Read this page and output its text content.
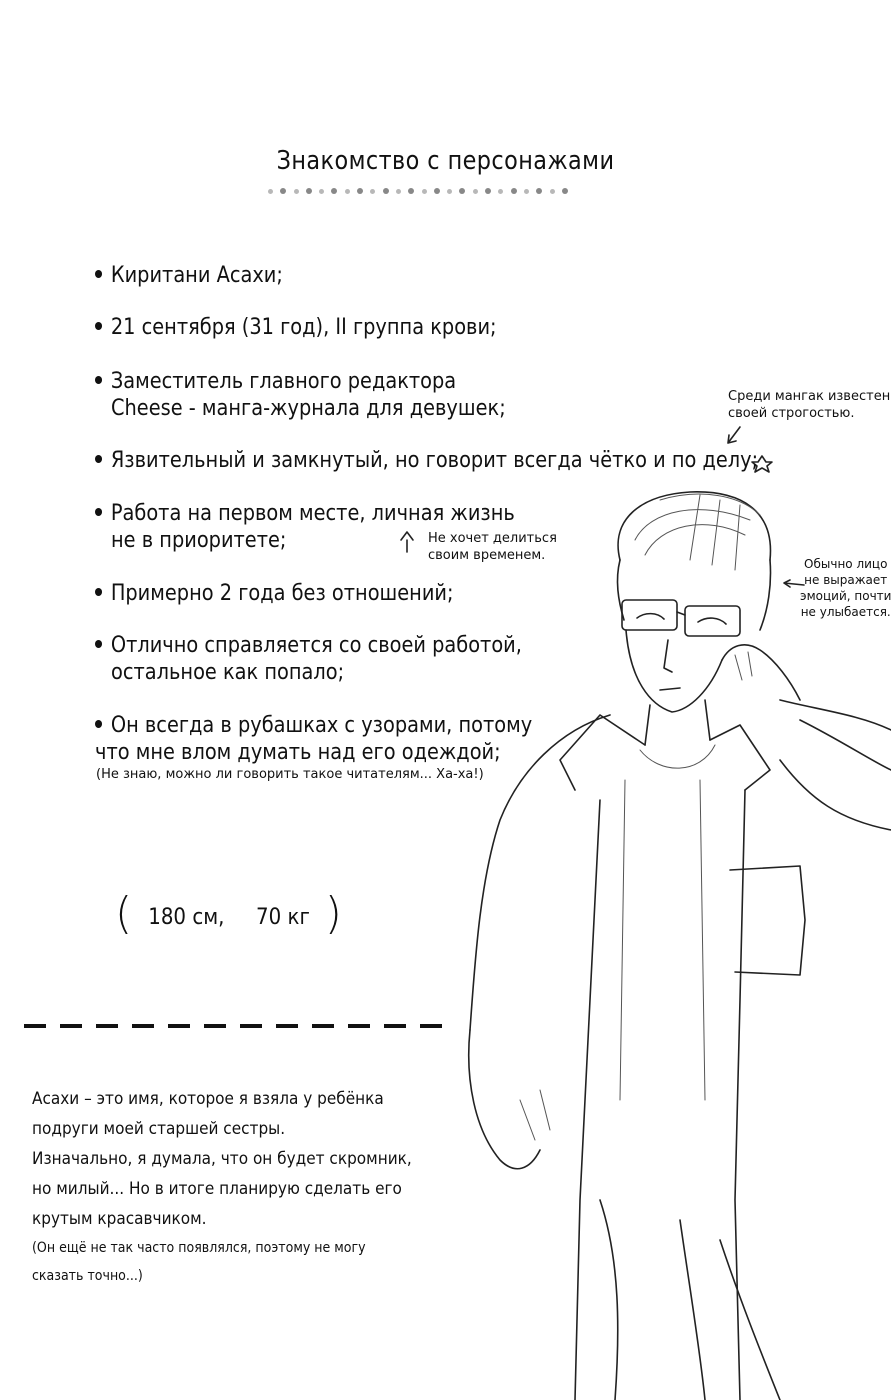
Знакомство с персонажами
Киритани Асахи;
21 сентября (31 год), II группа крови;
Заместитель главного редактора
Cheese - манга-журнала для девушек;
Язвительный и замкнутый, но говорит всегда чётко и по делу;
Работа на первом месте, личная жизнь
не в приоритете;
Примерно 2 года без отношений;
Отлично справляется со своей работой,
остальное как попало;
Он всегда в рубашках с узорами, потому
что мне влом думать над его одеждой;
(Не знаю, можно ли говорить такое читателям... Ха-ха!)
Среди мангак известен
своей строгостью.
Не хочет делиться
своим временем.
Обычно лицо
не выражает
эмоций, почти
не улыбается.
( 180 см, 70 кг )
Асахи – это имя, которое я взяла у ребёнка
подруги моей старшей сестры.
Изначально, я думала, что он будет скромник,
но милый... Но в итоге планирую сделать его
крутым красавчиком.
(Он ещё не так часто появлялся, поэтому не могу
сказать точно...)
